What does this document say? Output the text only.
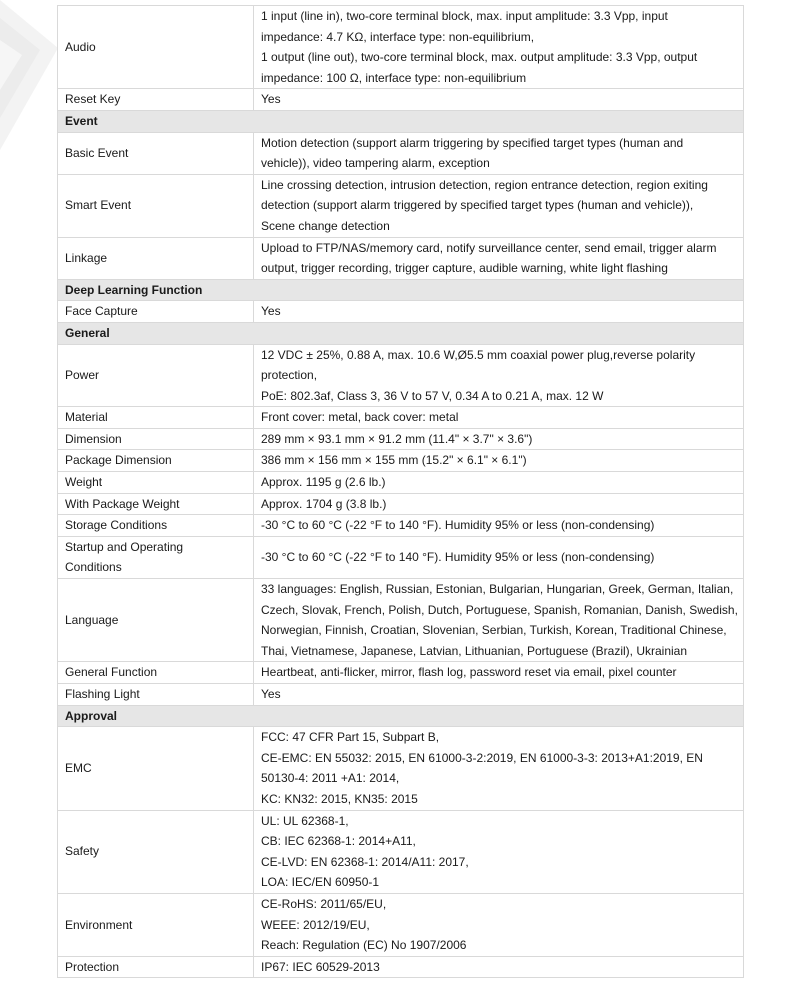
Audio	1 input (line in), two-core terminal block, max. input amplitude: 3.3 Vpp, input
impedance: 4.7 KΩ, interface type: non-equilibrium,
1 output (line out), two-core terminal block, max. output amplitude: 3.3 Vpp, output
impedance: 100 Ω, interface type: non-equilibrium
Reset Key	Yes
Event	
Basic Event	Motion detection (support alarm triggering by specified target types (human and
vehicle)), video tampering alarm, exception
Smart Event	Line crossing detection, intrusion detection, region entrance detection, region exiting
detection (support alarm triggered by specified target types (human and vehicle)),
Scene change detection
Linkage	Upload to FTP/NAS/memory card, notify surveillance center, send email, trigger alarm
output, trigger recording, trigger capture, audible warning, white light flashing
Deep Learning Function	
Face Capture	Yes
General	
Power	12 VDC ± 25%, 0.88 A, max. 10.6 W,Ø5.5 mm coaxial power plug,reverse polarity
protection,
PoE: 802.3af, Class 3, 36 V to 57 V, 0.34 A to 0.21 A, max. 12 W
Material	Front cover: metal, back cover: metal
Dimension	289 mm × 93.1 mm × 91.2 mm (11.4" × 3.7" × 3.6")
Package Dimension	386 mm × 156 mm × 155 mm (15.2" × 6.1" × 6.1")
Weight	Approx. 1195 g (2.6 lb.)
With Package Weight	Approx. 1704 g (3.8 lb.)
Storage Conditions	-30 °C to 60 °C (-22 °F to 140 °F). Humidity 95% or less (non-condensing)
Startup and Operating
Conditions	-30 °C to 60 °C (-22 °F to 140 °F). Humidity 95% or less (non-condensing)
Language	33 languages: English, Russian, Estonian, Bulgarian, Hungarian, Greek, German, Italian,
Czech, Slovak, French, Polish, Dutch, Portuguese, Spanish, Romanian, Danish, Swedish,
Norwegian, Finnish, Croatian, Slovenian, Serbian, Turkish, Korean, Traditional Chinese,
Thai, Vietnamese, Japanese, Latvian, Lithuanian, Portuguese (Brazil), Ukrainian
General Function	Heartbeat, anti-flicker, mirror, flash log, password reset via email, pixel counter
Flashing Light	Yes
Approval	
EMC	FCC: 47 CFR Part 15, Subpart B,
CE-EMC: EN 55032: 2015, EN 61000-3-2:2019, EN 61000-3-3: 2013+A1:2019, EN
50130-4: 2011 +A1: 2014,
KC: KN32: 2015, KN35: 2015
Safety	UL: UL 62368-1,
CB: IEC 62368-1: 2014+A11,
CE-LVD: EN 62368-1: 2014/A11: 2017,
LOA: IEC/EN 60950-1
Environment	CE-RoHS: 2011/65/EU,
WEEE: 2012/19/EU,
Reach: Regulation (EC) No 1907/2006
Protection	IP67: IEC 60529-2013
